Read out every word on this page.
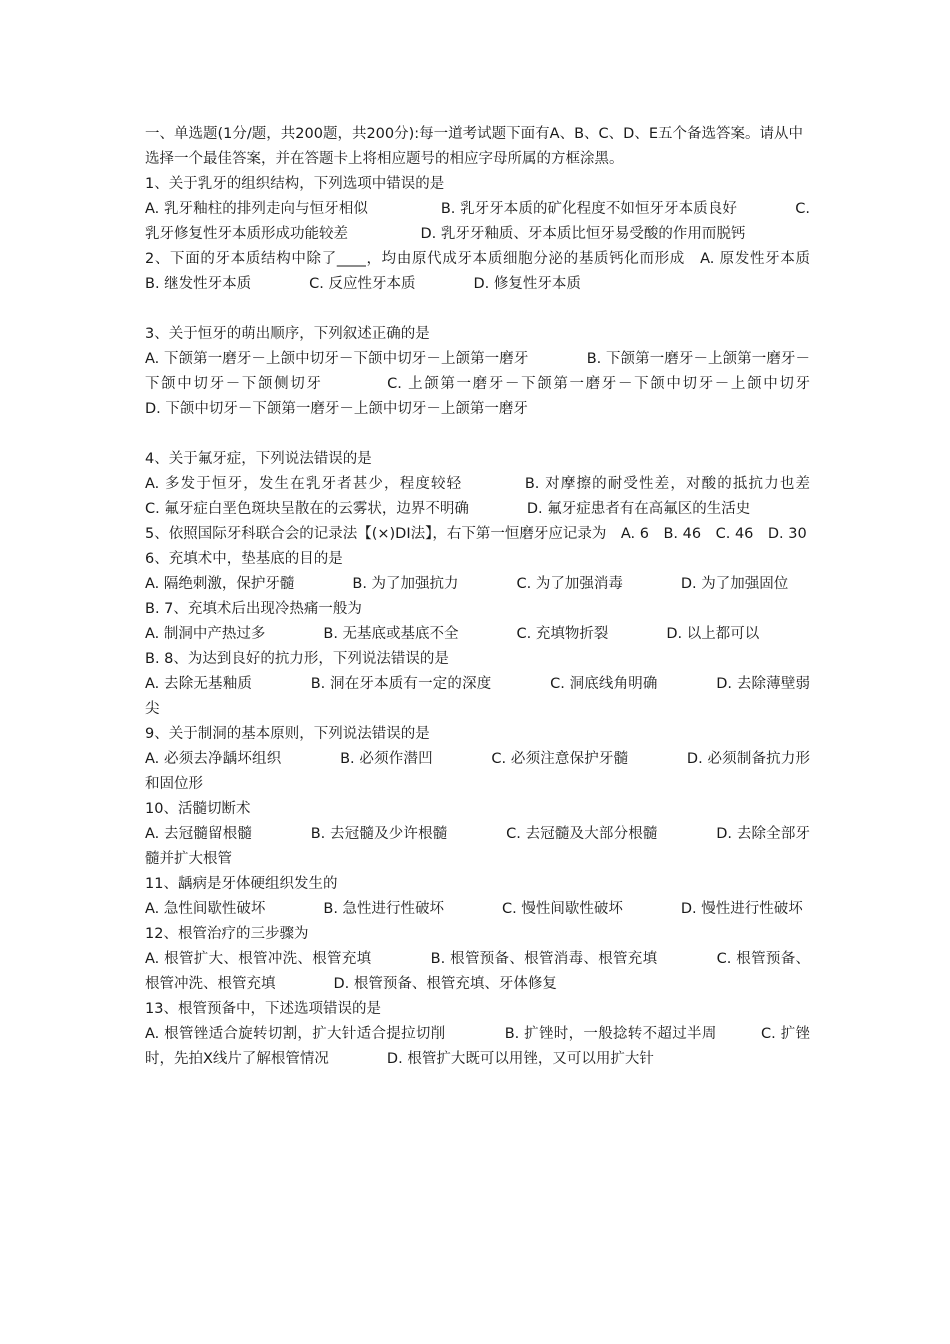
一、单选题(1分/题，共200题，共200分):每一道考试题下面有A、B、C、D、E五个备选答案。请从中选择一个最佳答案，并在答题卡上将相应题号的相应字母所属的方框涂黑。

1、关于乳牙的组织结构，下列选项中错误的是

A. 乳牙釉柱的排列走向与恒牙相似　　　　　B. 乳牙牙本质的矿化程度不如恒牙牙本质良好　　　　C. 乳牙修复性牙本质形成功能较差　　　　　D. 乳牙牙釉质、牙本质比恒牙易受酸的作用而脱钙

2、下面的牙本质结构中除了____，均由原代成牙本质细胞分泌的基质钙化而形成　A. 原发性牙本质　　　　B. 继发性牙本质　　　　C. 反应性牙本质　　　　D. 修复性牙本质

3、关于恒牙的萌出顺序，下列叙述正确的是

A. 下颌第一磨牙－上颌中切牙－下颌中切牙－上颌第一磨牙　　　　B. 下颌第一磨牙－上颌第一磨牙－下颌中切牙－下颌侧切牙　　　　C. 上颌第一磨牙－下颌第一磨牙－下颌中切牙－上颌中切牙　　　　D. 下颌中切牙－下颌第一磨牙－上颌中切牙－上颌第一磨牙

4、关于氟牙症，下列说法错误的是

A. 多发于恒牙，发生在乳牙者甚少，程度较轻　　　　B. 对摩擦的耐受性差，对酸的抵抗力也差　　　C. 氟牙症白垩色斑块呈散在的云雾状，边界不明确　　　　D. 氟牙症患者有在高氟区的生活史

5、依照国际牙科联合会的记录法【(×)DI法】，右下第一恒磨牙应记录为　A. 6　B. 46　C. 46　D. 30

6、充填术中，垫基底的目的是

A. 隔绝刺激，保护牙髓　　　　B. 为了加强抗力　　　　C. 为了加强消毒　　　　D. 为了加强固位

B. 7、充填术后出现冷热痛一般为

A. 制洞中产热过多　　　　B. 无基底或基底不全　　　　C. 充填物折裂　　　　D. 以上都可以

B. 8、为达到良好的抗力形，下列说法错误的是

A. 去除无基釉质　　　　B. 洞在牙本质有一定的深度　　　　C. 洞底线角明确　　　　D. 去除薄壁弱尖

9、关于制洞的基本原则，下列说法错误的是

A. 必须去净龋坏组织　　　　B. 必须作潜凹　　　　C. 必须注意保护牙髓　　　　D. 必须制备抗力形和固位形

10、活髓切断术

A. 去冠髓留根髓　　　　B. 去冠髓及少许根髓　　　　C. 去冠髓及大部分根髓　　　　D. 去除全部牙髓并扩大根管

11、龋病是牙体硬组织发生的

A. 急性间歇性破坏　　　　B. 急性进行性破坏　　　　C. 慢性间歇性破坏　　　　D. 慢性进行性破坏

12、根管治疗的三步骤为

A. 根管扩大、根管冲洗、根管充填　　　　B. 根管预备、根管消毒、根管充填　　　　C. 根管预备、根管冲洗、根管充填　　　　D. 根管预备、根管充填、牙体修复

13、根管预备中，下述选项错误的是

A. 根管锉适合旋转切割，扩大针适合提拉切削　　　　B. 扩锉时，一般捻转不超过半周　　　C. 扩锉时，先拍X线片了解根管情况　　　　D. 根管扩大既可以用锉，又可以用扩大针
